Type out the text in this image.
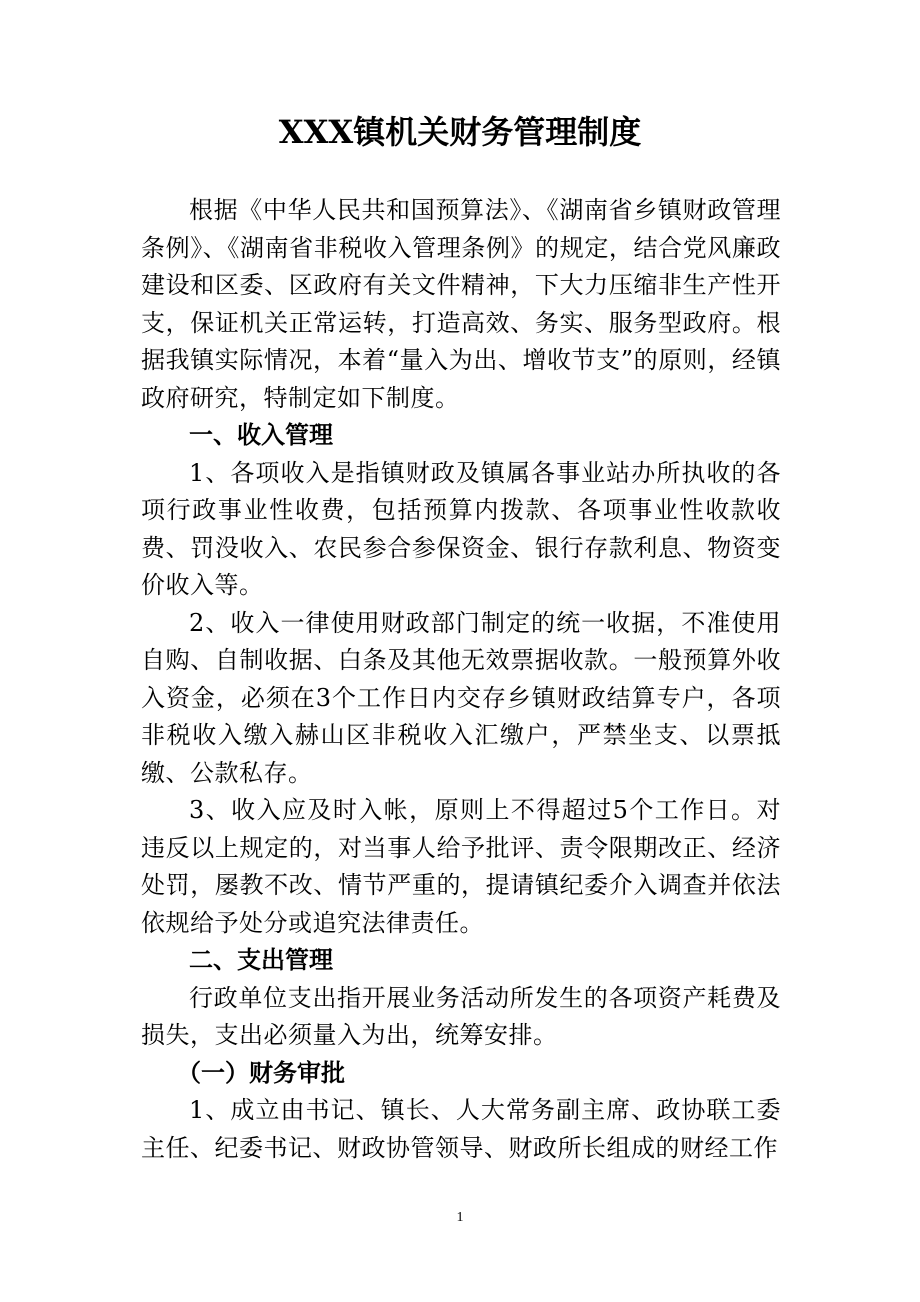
XXX镇机关财务管理制度

根据《中华人民共和国预算法》、《湖南省乡镇财政管理条例》、《湖南省非税收入管理条例》的规定，结合党风廉政建设和区委、区政府有关文件精神，下大力压缩非生产性开支，保证机关正常运转，打造高效、务实、服务型政府。根据我镇实际情况，本着“量入为出、增收节支”的原则，经镇政府研究，特制定如下制度。

一、收入管理

1、各项收入是指镇财政及镇属各事业站办所执收的各项行政事业性收费，包括预算内拨款、各项事业性收款收费、罚没收入、农民参合参保资金、银行存款利息、物资变价收入等。

2、收入一律使用财政部门制定的统一收据，不准使用自购、自制收据、白条及其他无效票据收款。一般预算外收入资金，必须在3个工作日内交存乡镇财政结算专户，各项非税收入缴入赫山区非税收入汇缴户，严禁坐支、以票抵缴、公款私存。

3、收入应及时入帐，原则上不得超过5个工作日。对违反以上规定的，对当事人给予批评、责令限期改正、经济处罚，屡教不改、情节严重的，提请镇纪委介入调查并依法依规给予处分或追究法律责任。

二、支出管理

行政单位支出指开展业务活动所发生的各项资产耗费及损失，支出必须量入为出，统筹安排。

（一）财务审批

1、成立由书记、镇长、人大常务副主席、政协联工委主任、纪委书记、财政协管领导、财政所长组成的财经工作

1
